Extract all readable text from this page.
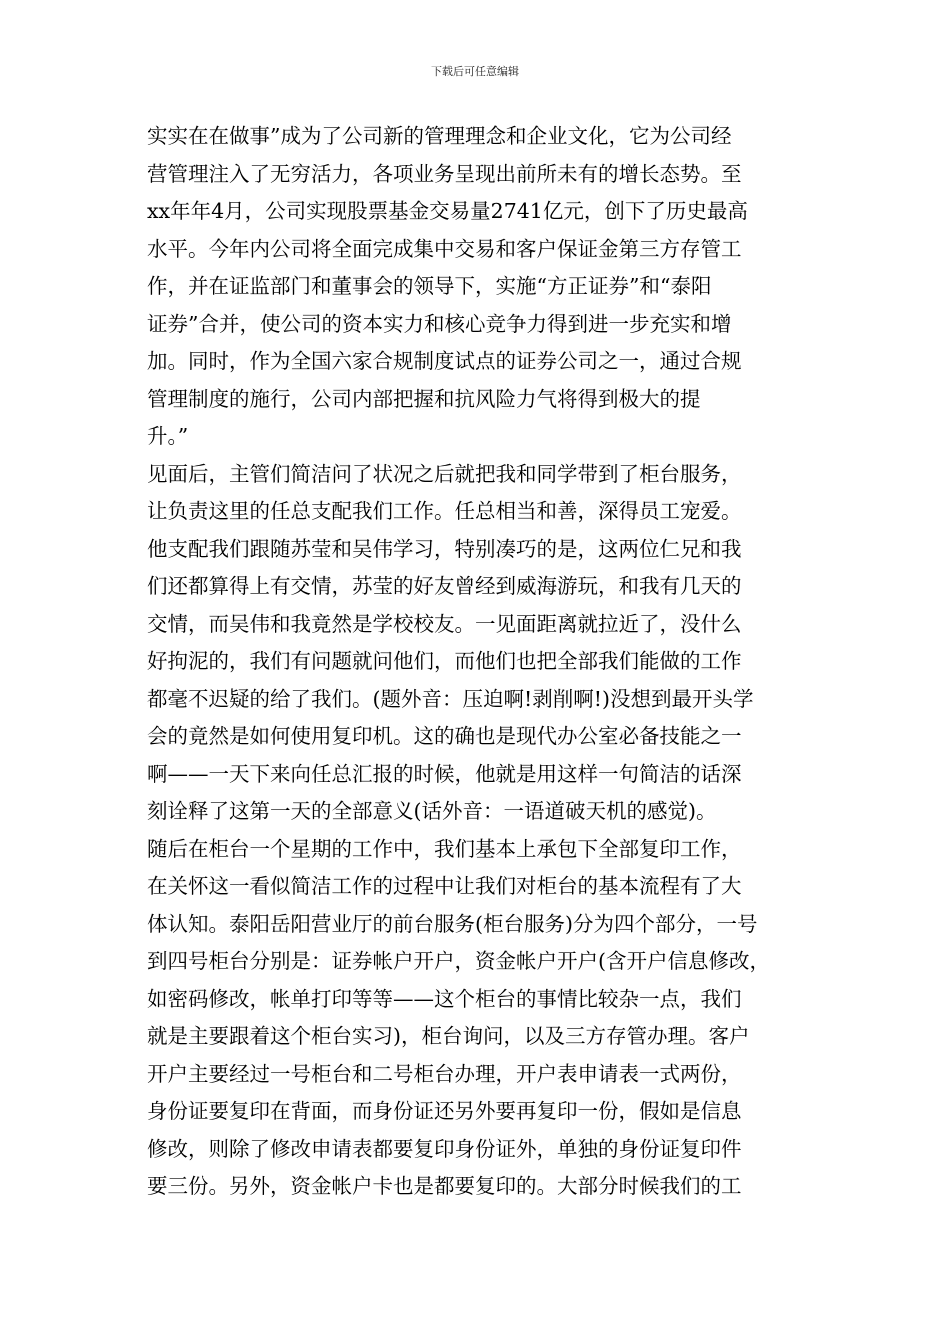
下载后可任意编辑
实实在在做事”成为了公司新的管理理念和企业文化，它为公司经
营管理注入了无穷活力，各项业务呈现出前所未有的增长态势。至
xx年年4月，公司实现股票基金交易量2741亿元，创下了历史最高
水平。今年内公司将全面完成集中交易和客户保证金第三方存管工
作，并在证监部门和董事会的领导下，实施“方正证券”和“泰阳
证券”合并，使公司的资本实力和核心竞争力得到进一步充实和增
加。同时，作为全国六家合规制度试点的证券公司之一，通过合规
管理制度的施行，公司内部把握和抗风险力气将得到极大的提
升。”
见面后，主管们简洁问了状况之后就把我和同学带到了柜台服务，
让负责这里的任总支配我们工作。任总相当和善，深得员工宠爱。
他支配我们跟随苏莹和吴伟学习，特别凑巧的是，这两位仁兄和我
们还都算得上有交情，苏莹的好友曾经到威海游玩，和我有几天的
交情，而吴伟和我竟然是学校校友。一见面距离就拉近了，没什么
好拘泥的，我们有问题就问他们，而他们也把全部我们能做的工作
都毫不迟疑的给了我们。(题外音：压迫啊!剥削啊!)没想到最开头学
会的竟然是如何使用复印机。这的确也是现代办公室必备技能之一
啊——一天下来向任总汇报的时候，他就是用这样一句简洁的话深
刻诠释了这第一天的全部意义(话外音：一语道破天机的感觉)。
随后在柜台一个星期的工作中，我们基本上承包下全部复印工作，
在关怀这一看似简洁工作的过程中让我们对柜台的基本流程有了大
体认知。泰阳岳阳营业厅的前台服务(柜台服务)分为四个部分，一号
到四号柜台分别是：证券帐户开户，资金帐户开户(含开户信息修改，
如密码修改，帐单打印等等——这个柜台的事情比较杂一点，我们
就是主要跟着这个柜台实习)，柜台询问，以及三方存管办理。客户
开户主要经过一号柜台和二号柜台办理，开户表申请表一式两份，
身份证要复印在背面，而身份证还另外要再复印一份，假如是信息
修改，则除了修改申请表都要复印身份证外，单独的身份证复印件
要三份。另外，资金帐户卡也是都要复印的。大部分时候我们的工
